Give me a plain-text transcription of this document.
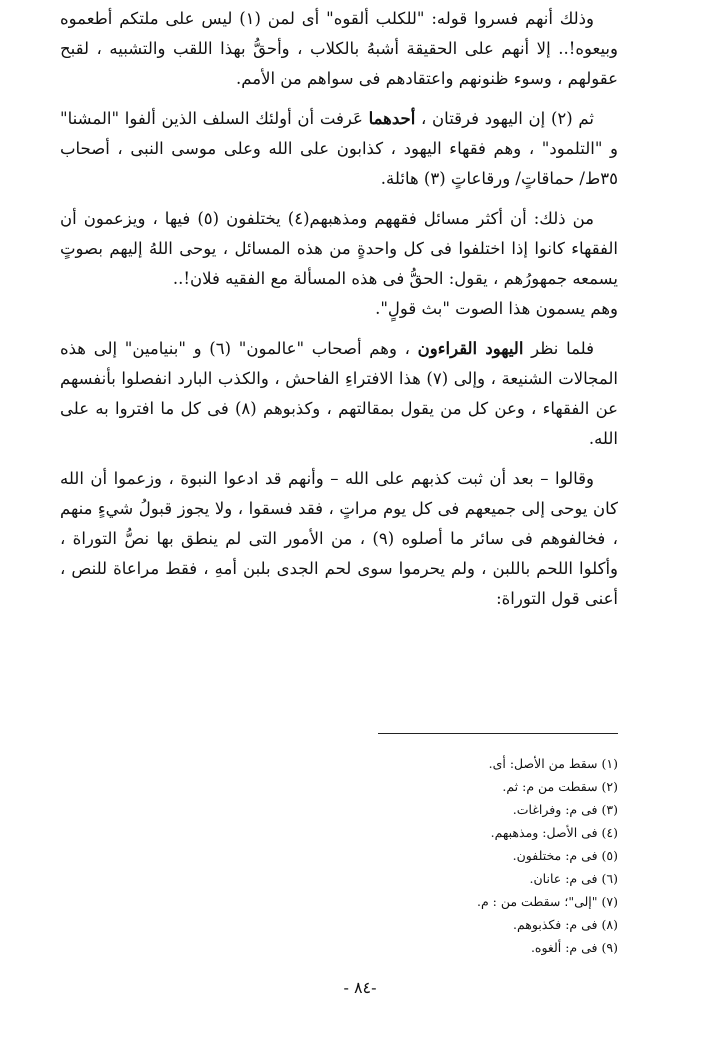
وذلك أنهم فسروا قوله: "للكلب ألقوه" أى لمن (١) ليس على ملتكم أطعموه وبيعوه!.. إلا أنهم على الحقيقة أشبهُ بالكلاب ، وأحقُّ بهذا اللقب والتشبيه ، لقبح عقولهم ، وسوء ظنونهم واعتقادهم فى سواهم من الأمم.

ثم (٢) إن اليهود فرقتان ، أحدهما عَرفت أن أولئك السلف الذين ألفوا "المشنا" و "التلمود" ، وهم فقهاء اليهود ، كذابون على الله وعلى موسى النبى ، أصحاب ٣٥ط/ حماقاتٍ/ ورقاعاتٍ (٣) هائلة.

من ذلك: أن أكثر مسائل فقههم ومذهبهم(٤) يختلفون (٥) فيها ، ويزعمون أن الفقهاء كانوا إذا اختلفوا فى كل واحدةٍ من هذه المسائل ، يوحى اللهُ إليهم بصوتٍ يسمعه جمهورُهم ، يقول: الحقُّ فى هذه المسألة مع الفقيه فلان!..

وهم يسمون هذا الصوت "بث قولٍ".

فلما نظر اليهود القراءون ، وهم أصحاب "عالمون" (٦) و "بنيامين" إلى هذه المجالات الشنيعة ، وإلى (٧) هذا الافتراءِ الفاحش ، والكذب البارد انفصلوا بأنفسهم عن الفقهاء ، وعن كل من يقول بمقالتهم ، وكذبوهم (٨) فى كل ما افتروا به على الله.

وقالوا – بعد أن ثبت كذبهم على الله – وأنهم قد ادعوا النبوة ، وزعموا أن الله كان يوحى إلى جميعهم فى كل يوم مراتٍ ، فقد فسقوا ، ولا يجوز قبولُ شيءٍ منهم ، فخالفوهم فى سائر ما أصلوه (٩) ، من الأمور التى لم ينطق بها نصُّ التوراة ، وأكلوا اللحم باللبن ، ولم يحرموا سوى لحم الجدى بلبن أمهِ ، فقط مراعاة للنص ، أعنى قول التوراة:

(١) سقط من الأصل: أى.
(٢) سقطت من م: ثم.
(٣) فى م: وفراغات.
(٤) فى الأصل: ومذهبهم.
(٥) فى م: مختلفون.
(٦) فى م: عانان.
(٧) "إلى"؛ سقطت من : م.
(٨) فى م: فكذبوهم.
(٩) فى م: ألغوه.
-٨٤ -
